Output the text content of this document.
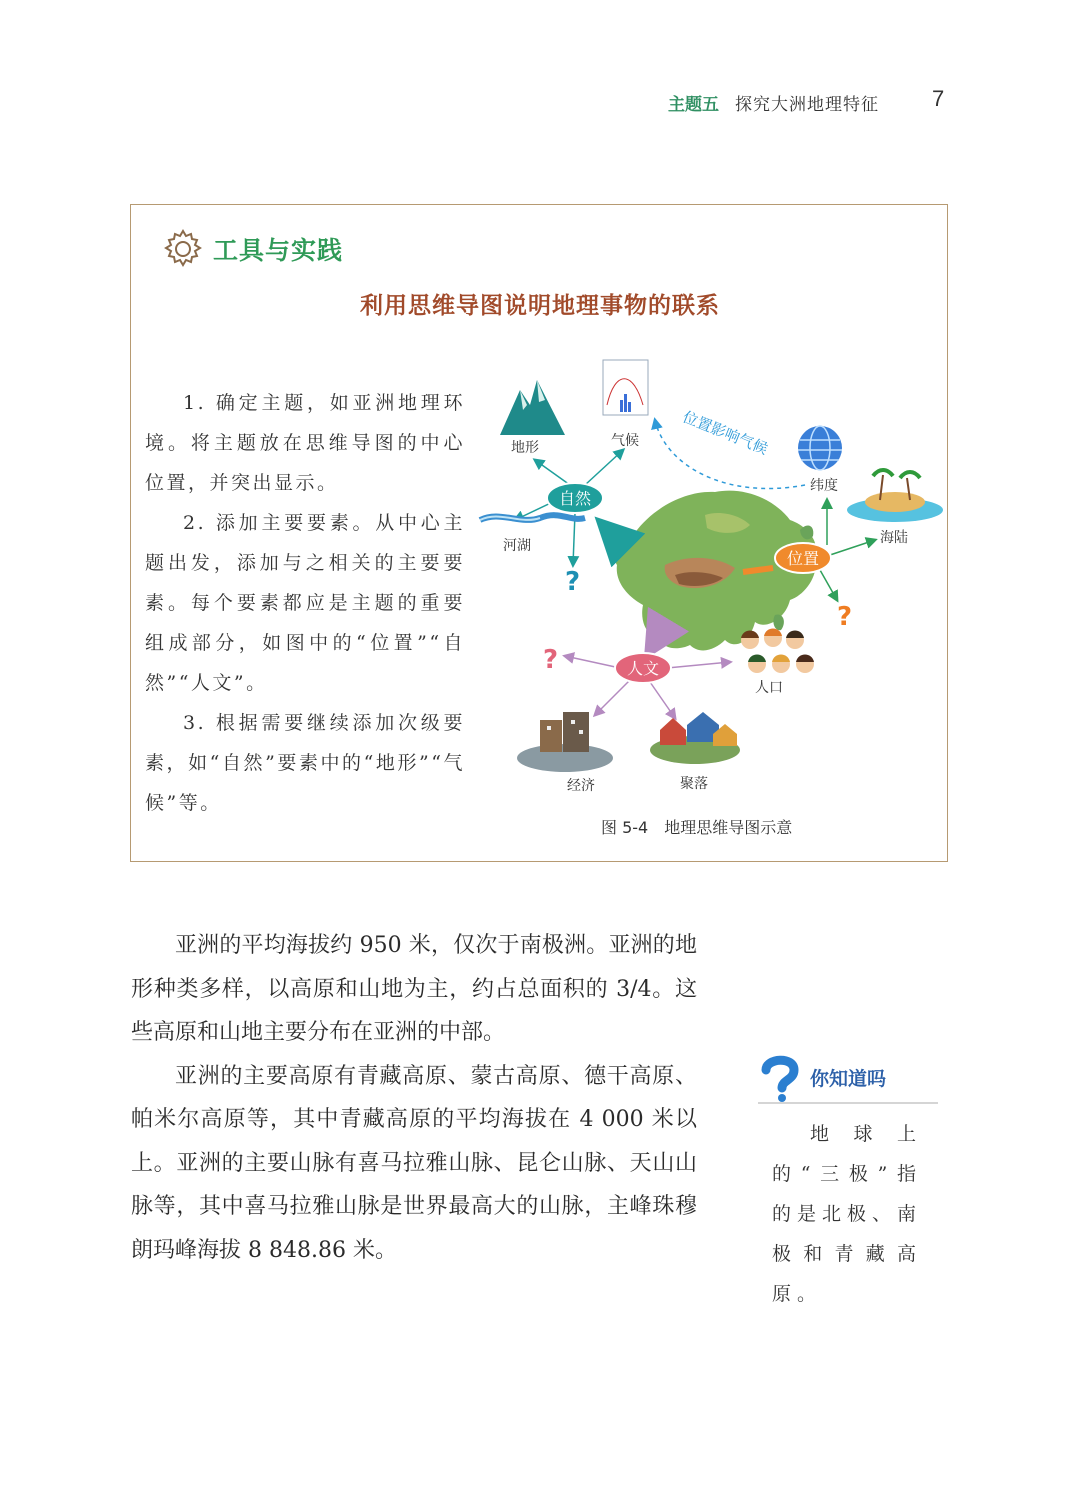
主题五 探究大洲地理特征 7
工具与实践
利用思维导图说明地理事物的联系

1. 确定主题，如亚洲地理环境。将主题放在思维导图的中心位置，并突出显示。

2. 添加主要要素。从中心主题出发，添加与之相关的主要要素。每个要素都应是主题的重要组成部分，如图中的“位置”“自然”“人文”。

3. 根据需要继续添加次级要素，如“自然”要素中的“地形”“气候”等。

位置影响气候
自然
地形	气候
河湖
?
位置
纬度
海陆
?
人文
?
人口
经济	聚落
图 5-4　地理思维导图示意

亚洲的平均海拔约 950 米，仅次于南极洲。亚洲的地形种类多样，以高原和山地为主，约占总面积的 3/4。这些高原和山地主要分布在亚洲的中部。

亚洲的主要高原有青藏高原、蒙古高原、德干高原、帕米尔高原等，其中青藏高原的平均海拔在 4 000 米以上。亚洲的主要山脉有喜马拉雅山脉、昆仑山脉、天山山脉等，其中喜马拉雅山脉是世界最高大的山脉，主峰珠穆朗玛峰海拔 8 848.86 米。

你知道吗

地球上的“三极”指的是北极、南极和青藏高原。
